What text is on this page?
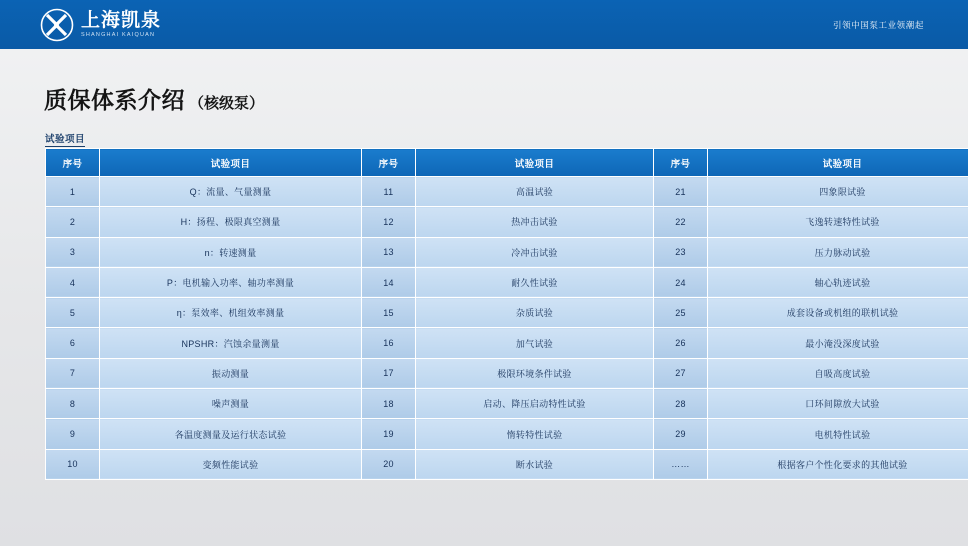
上海凯泉
SHANGHAI KAIQUAN
引领中国泵工业领潮起
质保体系介绍 （核级泵）
试验项目
序号	试验项目	序号	试验项目	序号	试验项目
1	Q：流量、气量测量	11	高温试验	21	四象限试验
2	H：扬程、极限真空测量	12	热冲击试验	22	飞逸转速特性试验
3	n：转速测量	13	冷冲击试验	23	压力脉动试验
4	P：电机输入功率、轴功率测量	14	耐久性试验	24	轴心轨迹试验
5	η：泵效率、机组效率测量	15	杂质试验	25	成套设备或机组的联机试验
6	NPSHR：汽蚀余量测量	16	加气试验	26	最小淹没深度试验
7	振动测量	17	极限环境条件试验	27	自吸高度试验
8	噪声测量	18	启动、降压启动特性试验	28	口环间隙放大试验
9	各温度测量及运行状态试验	19	惰转特性试验	29	电机特性试验
10	变频性能试验	20	断水试验	……	根据客户个性化要求的其他试验
